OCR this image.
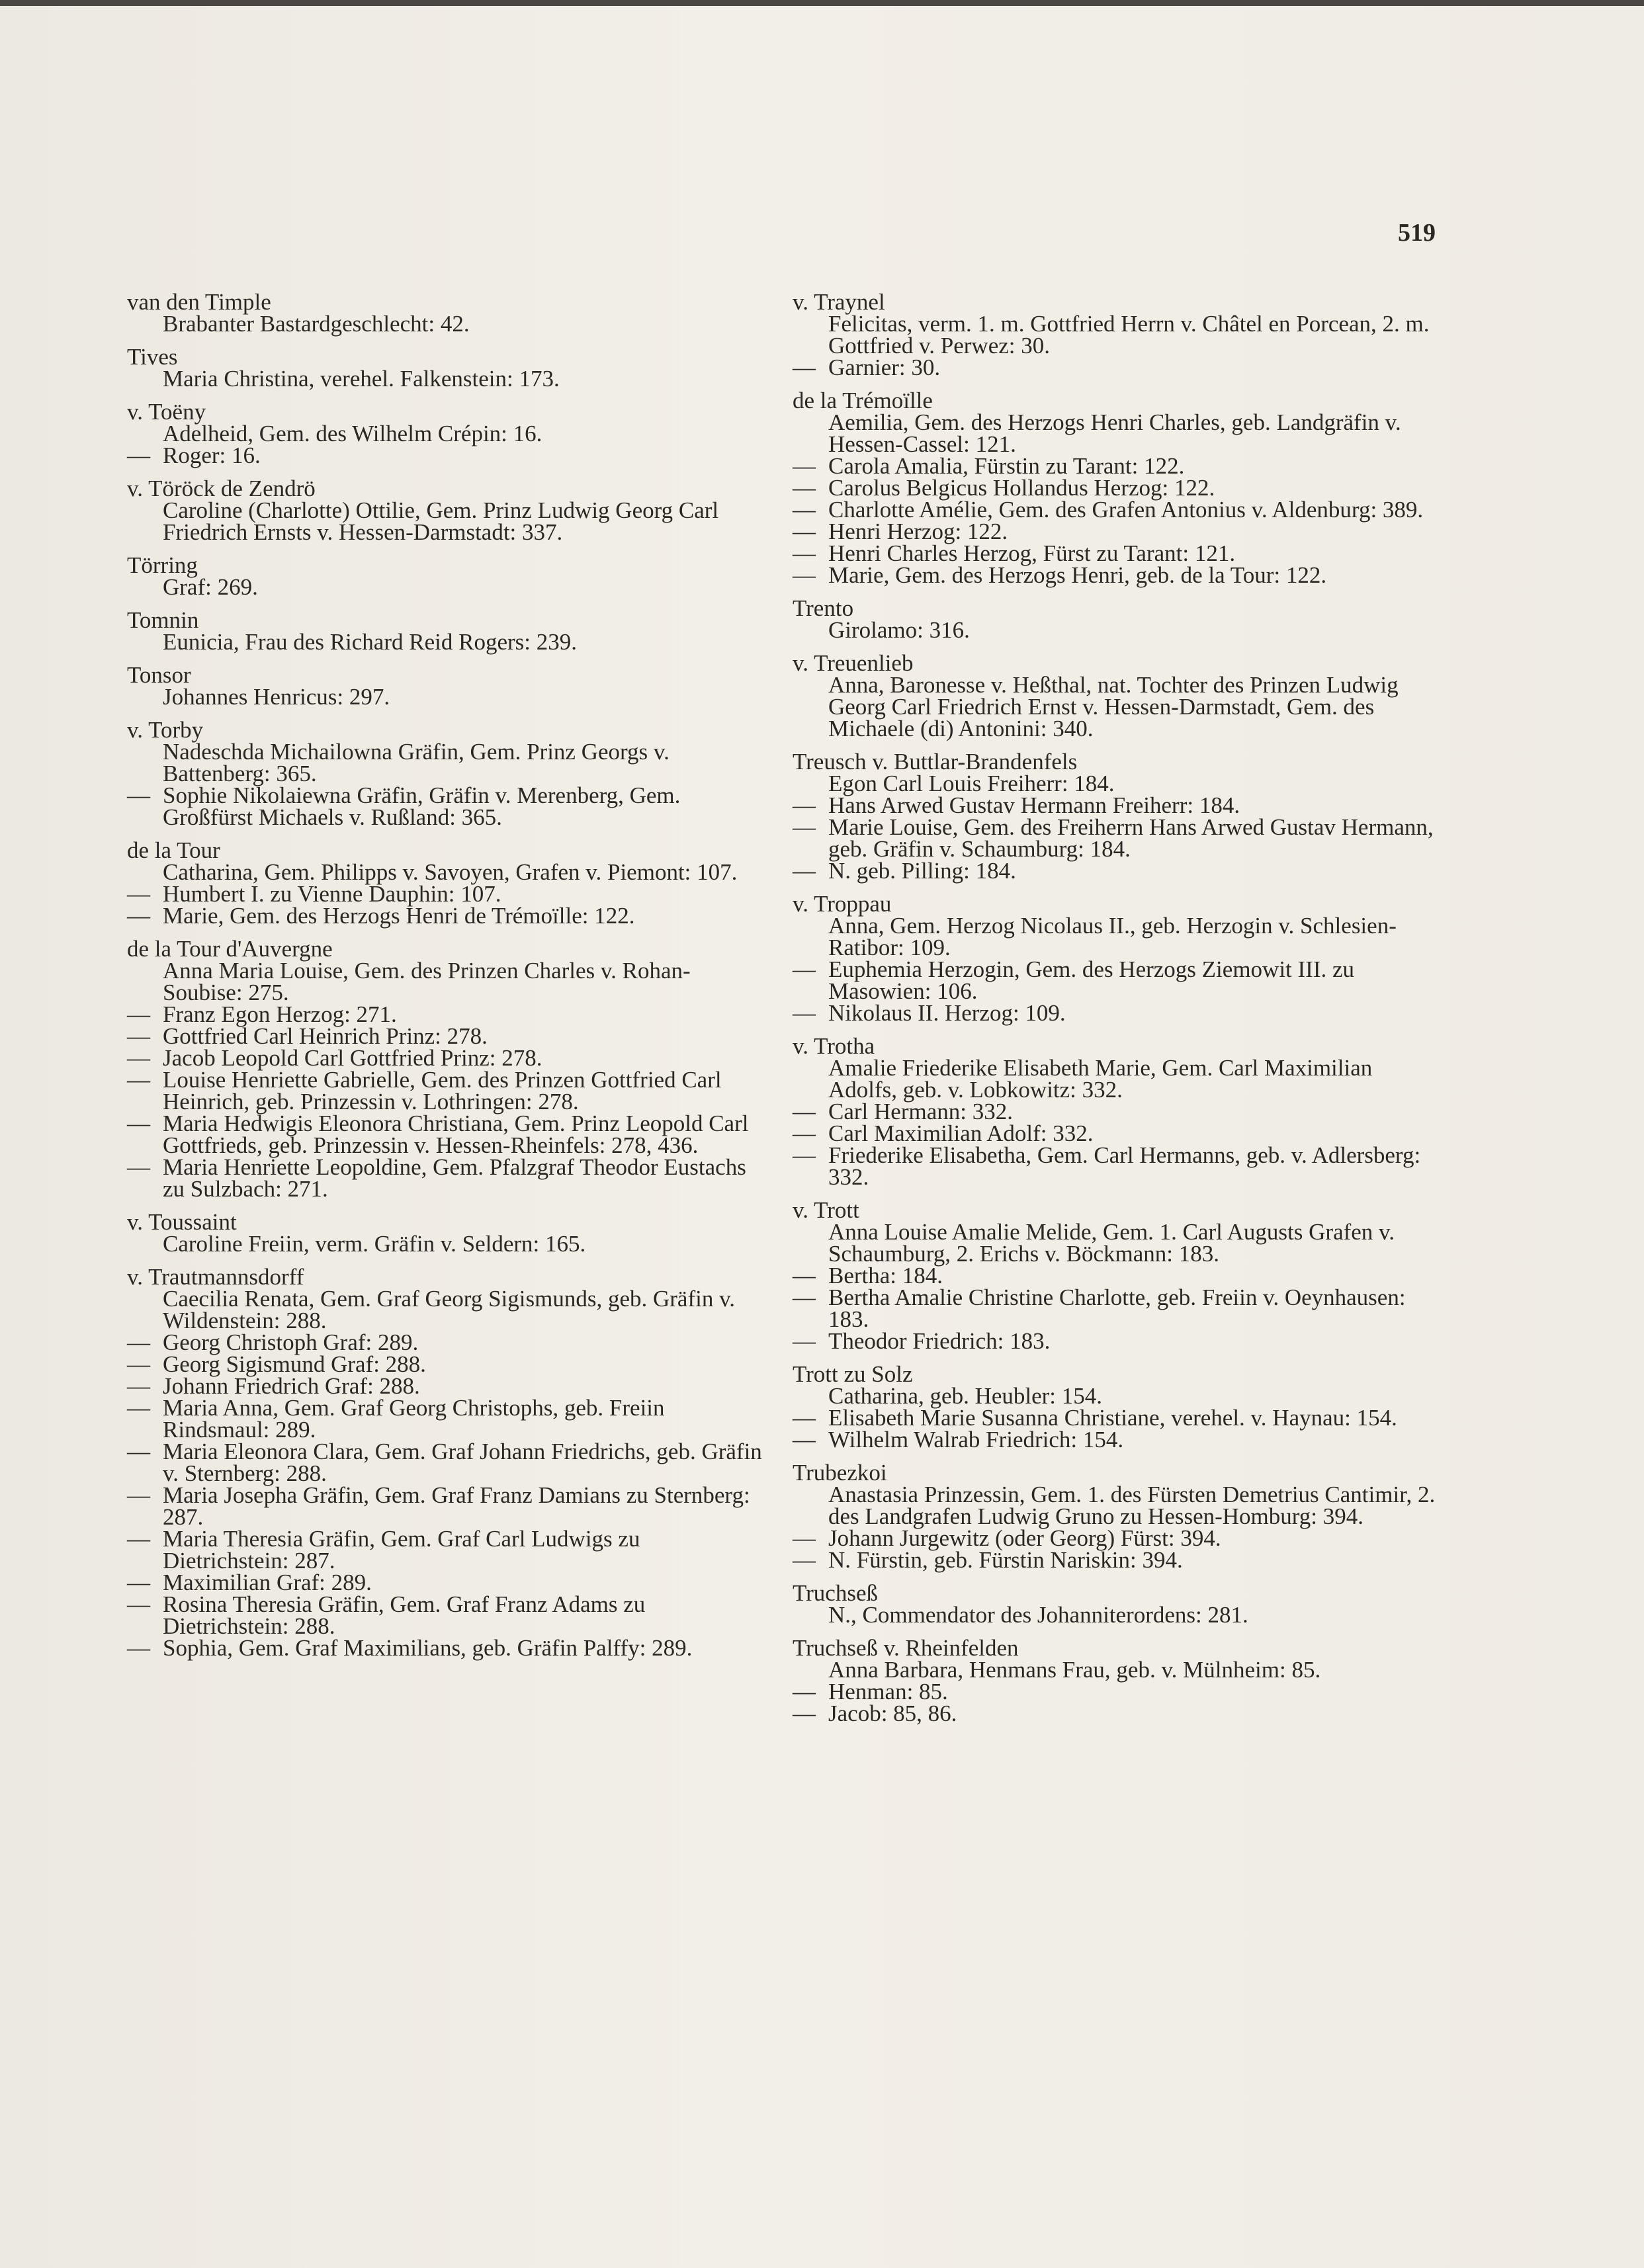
519
van den Timple
Brabanter Bastardgeschlecht: 42.
Tives
Maria Christina, verehel. Falkenstein: 173.
v. Toëny
Adelheid, Gem. des Wilhelm Crépin: 16.
— Roger: 16.
v. Töröck de Zendrö
Caroline (Charlotte) Ottilie, Gem. Prinz Ludwig Georg Carl Friedrich Ernsts v. Hessen-Darmstadt: 337.
Törring
Graf: 269.
Tomnin
Eunicia, Frau des Richard Reid Rogers: 239.
Tonsor
Johannes Henricus: 297.
v. Torby
Nadeschda Michailowna Gräfin, Gem. Prinz Georgs v. Battenberg: 365.
— Sophie Nikolaiewna Gräfin, Gräfin v. Merenberg, Gem. Großfürst Michaels v. Rußland: 365.
de la Tour
Catharina, Gem. Philipps v. Savoyen, Grafen v. Piemont: 107.
— Humbert I. zu Vienne Dauphin: 107.
— Marie, Gem. des Herzogs Henri de Trémoïlle: 122.
de la Tour d'Auvergne
Anna Maria Louise, Gem. des Prinzen Charles v. Rohan-Soubise: 275.
— Franz Egon Herzog: 271.
— Gottfried Carl Heinrich Prinz: 278.
— Jacob Leopold Carl Gottfried Prinz: 278.
— Louise Henriette Gabrielle, Gem. des Prinzen Gottfried Carl Heinrich, geb. Prinzessin v. Lothringen: 278.
— Maria Hedwigis Eleonora Christiana, Gem. Prinz Leopold Carl Gottfrieds, geb. Prinzessin v. Hessen-Rheinfels: 278, 436.
— Maria Henriette Leopoldine, Gem. Pfalzgraf Theodor Eustachs zu Sulzbach: 271.
v. Toussaint
Caroline Freiin, verm. Gräfin v. Seldern: 165.
v. Trautmannsdorff
Caecilia Renata, Gem. Graf Georg Sigismunds, geb. Gräfin v. Wildenstein: 288.
— Georg Christoph Graf: 289.
— Georg Sigismund Graf: 288.
— Johann Friedrich Graf: 288.
— Maria Anna, Gem. Graf Georg Christophs, geb. Freiin Rindsmaul: 289.
— Maria Eleonora Clara, Gem. Graf Johann Friedrichs, geb. Gräfin v. Sternberg: 288.
— Maria Josepha Gräfin, Gem. Graf Franz Damians zu Sternberg: 287.
— Maria Theresia Gräfin, Gem. Graf Carl Ludwigs zu Dietrichstein: 287.
— Maximilian Graf: 289.
— Rosina Theresia Gräfin, Gem. Graf Franz Adams zu Dietrichstein: 288.
— Sophia, Gem. Graf Maximilians, geb. Gräfin Palffy: 289.
v. Traynel
Felicitas, verm. 1. m. Gottfried Herrn v. Châtel en Porcean, 2. m. Gottfried v. Perwez: 30.
— Garnier: 30.
de la Trémoïlle
Aemilia, Gem. des Herzogs Henri Charles, geb. Landgräfin v. Hessen-Cassel: 121.
— Carola Amalia, Fürstin zu Tarant: 122.
— Carolus Belgicus Hollandus Herzog: 122.
— Charlotte Amélie, Gem. des Grafen Antonius v. Aldenburg: 389.
— Henri Herzog: 122.
— Henri Charles Herzog, Fürst zu Tarant: 121.
— Marie, Gem. des Herzogs Henri, geb. de la Tour: 122.
Trento
Girolamo: 316.
v. Treuenlieb
Anna, Baronesse v. Heßthal, nat. Tochter des Prinzen Ludwig Georg Carl Friedrich Ernst v. Hessen-Darmstadt, Gem. des Michaele (di) Antonini: 340.
Treusch v. Buttlar-Brandenfels
Egon Carl Louis Freiherr: 184.
— Hans Arwed Gustav Hermann Freiherr: 184.
— Marie Louise, Gem. des Freiherrn Hans Arwed Gustav Hermann, geb. Gräfin v. Schaumburg: 184.
— N. geb. Pilling: 184.
v. Troppau
Anna, Gem. Herzog Nicolaus II., geb. Herzogin v. Schlesien-Ratibor: 109.
— Euphemia Herzogin, Gem. des Herzogs Ziemowit III. zu Masowien: 106.
— Nikolaus II. Herzog: 109.
v. Trotha
Amalie Friederike Elisabeth Marie, Gem. Carl Maximilian Adolfs, geb. v. Lobkowitz: 332.
— Carl Hermann: 332.
— Carl Maximilian Adolf: 332.
— Friederike Elisabetha, Gem. Carl Hermanns, geb. v. Adlersberg: 332.
v. Trott
Anna Louise Amalie Melide, Gem. 1. Carl Augusts Grafen v. Schaumburg, 2. Erichs v. Böckmann: 183.
— Bertha: 184.
— Bertha Amalie Christine Charlotte, geb. Freiin v. Oeynhausen: 183.
— Theodor Friedrich: 183.
Trott zu Solz
Catharina, geb. Heubler: 154.
— Elisabeth Marie Susanna Christiane, verehel. v. Haynau: 154.
— Wilhelm Walrab Friedrich: 154.
Trubezkoi
Anastasia Prinzessin, Gem. 1. des Fürsten Demetrius Cantimir, 2. des Landgrafen Ludwig Gruno zu Hessen-Homburg: 394.
— Johann Jurgewitz (oder Georg) Fürst: 394.
— N. Fürstin, geb. Fürstin Nariskin: 394.
Truchseß
N., Commendator des Johanniterordens: 281.
Truchseß v. Rheinfelden
Anna Barbara, Henmans Frau, geb. v. Mülnheim: 85.
— Henman: 85.
— Jacob: 85, 86.
